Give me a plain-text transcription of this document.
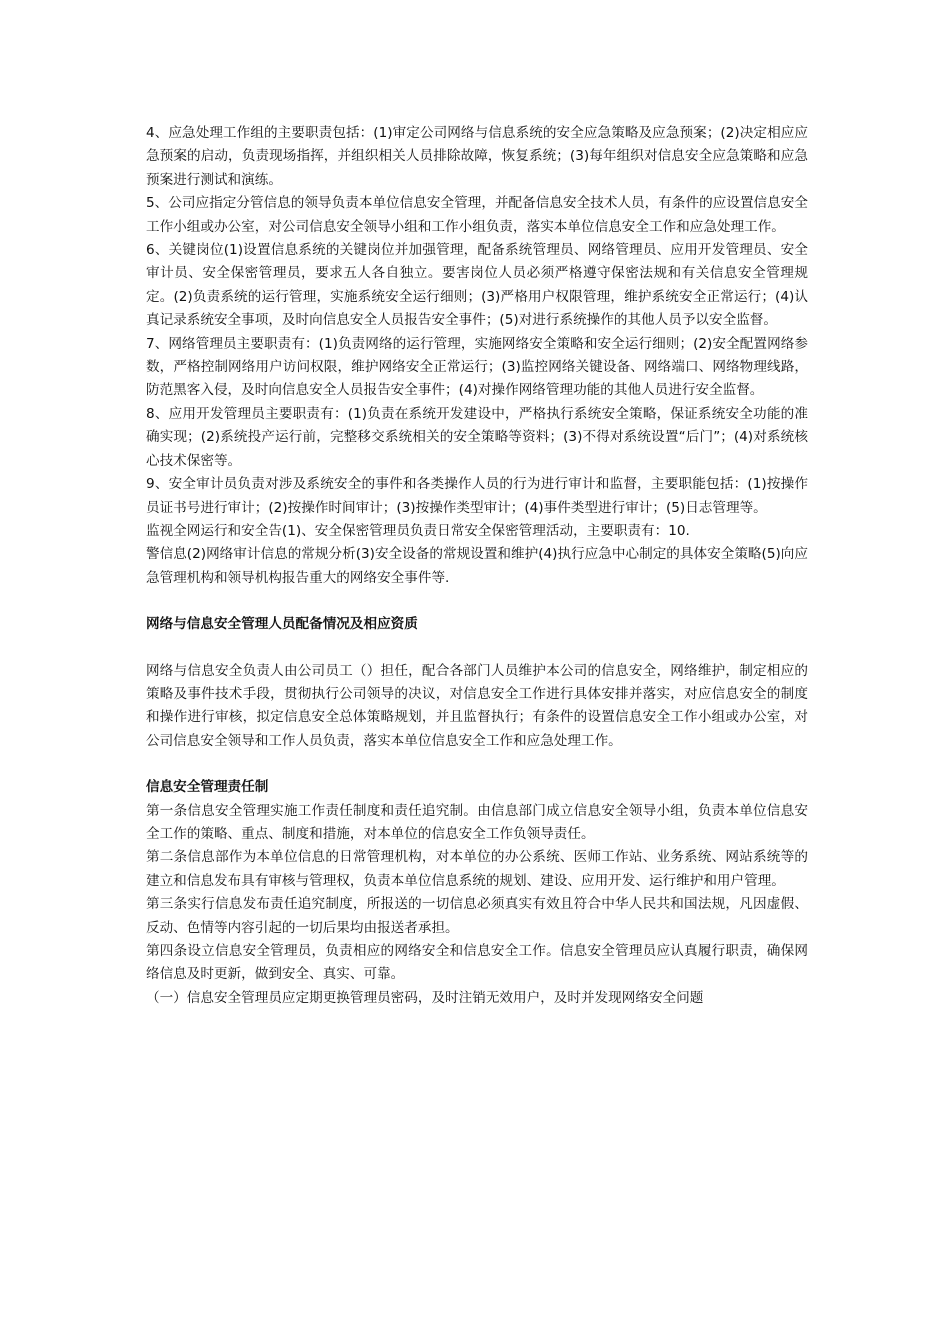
4、应急处理工作组的主要职责包括：(1)审定公司网络与信息系统的安全应急策略及应急预案；(2)决定相应应急预案的启动，负责现场指挥，并组织相关人员排除故障，恢复系统；(3)每年组织对信息安全应急策略和应急预案进行测试和演练。

5、公司应指定分管信息的领导负责本单位信息安全管理，并配备信息安全技术人员，有条件的应设置信息安全工作小组或办公室，对公司信息安全领导小组和工作小组负责，落实本单位信息安全工作和应急处理工作。

6、关键岗位(1)设置信息系统的关键岗位并加强管理，配备系统管理员、网络管理员、应用开发管理员、安全审计员、安全保密管理员，要求五人各自独立。要害岗位人员必须严格遵守保密法规和有关信息安全管理规定。(2)负责系统的运行管理，实施系统安全运行细则；(3)严格用户权限管理，维护系统安全正常运行；(4)认真记录系统安全事项，及时向信息安全人员报告安全事件；(5)对进行系统操作的其他人员予以安全监督。

7、网络管理员主要职责有：(1)负责网络的运行管理，实施网络安全策略和安全运行细则；(2)安全配置网络参数，严格控制网络用户访问权限，维护网络安全正常运行；(3)监控网络关键设备、网络端口、网络物理线路，防范黑客入侵，及时向信息安全人员报告安全事件；(4)对操作网络管理功能的其他人员进行安全监督。

8、应用开发管理员主要职责有：(1)负责在系统开发建设中，严格执行系统安全策略，保证系统安全功能的准确实现；(2)系统投产运行前，完整移交系统相关的安全策略等资料；(3)不得对系统设置“后门”；(4)对系统核心技术保密等。

9、安全审计员负责对涉及系统安全的事件和各类操作人员的行为进行审计和监督，主要职能包括：(1)按操作员证书号进行审计；(2)按操作时间审计；(3)按操作类型审计；(4)事件类型进行审计；(5)日志管理等。

监视全网运行和安全告(1)、安全保密管理员负责日常安全保密管理活动，主要职责有：10.

警信息(2)网络审计信息的常规分析(3)安全设备的常规设置和维护(4)执行应急中心制定的具体安全策略(5)向应急管理机构和领导机构报告重大的网络安全事件等.

网络与信息安全管理人员配备情况及相应资质

网络与信息安全负责人由公司员工（）担任，配合各部门人员维护本公司的信息安全，网络维护，制定相应的策略及事件技术手段，贯彻执行公司领导的决议，对信息安全工作进行具体安排并落实，对应信息安全的制度和操作进行审核，拟定信息安全总体策略规划，并且监督执行；有条件的设置信息安全工作小组或办公室，对公司信息安全领导和工作人员负责，落实本单位信息安全工作和应急处理工作。

信息安全管理责任制

第一条信息安全管理实施工作责任制度和责任追究制。由信息部门成立信息安全领导小组，负责本单位信息安全工作的策略、重点、制度和措施，对本单位的信息安全工作负领导责任。

第二条信息部作为本单位信息的日常管理机构，对本单位的办公系统、医师工作站、业务系统、网站系统等的建立和信息发布具有审核与管理权，负责本单位信息系统的规划、建设、应用开发、运行维护和用户管理。

第三条实行信息发布责任追究制度，所报送的一切信息必须真实有效且符合中华人民共和国法规，凡因虚假、反动、色情等内容引起的一切后果均由报送者承担。

第四条设立信息安全管理员，负责相应的网络安全和信息安全工作。信息安全管理员应认真履行职责，确保网络信息及时更新，做到安全、真实、可靠。

（一）信息安全管理员应定期更换管理员密码，及时注销无效用户，及时并发现网络安全问题
